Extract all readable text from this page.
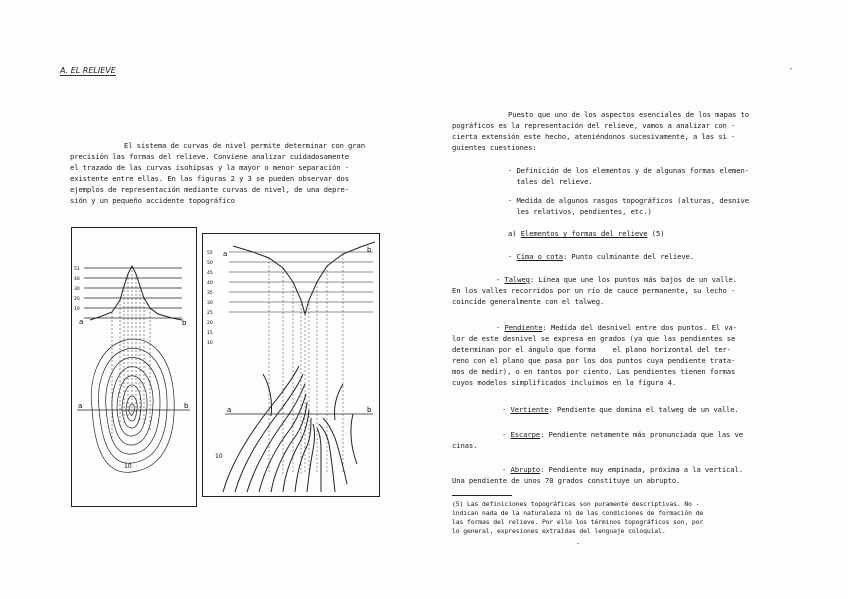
A. EL RELIEVE	-
El sistema de curvas de nivel permite determinar con gran
precisión las formas del relieve. Conviene analizar cuidadosamente
el trazado de las curvas isohipsas y la mayor o menor separación -
existente entre ellas. En las figuras 2 y 3 se pueden observar dos
ejemplos de representación mediante curvas de nivel, de una depre-
sión y un pequeño accidente topográfico
a	b
a	b
10
51
40
30
20
10
a	b
a	b
10
55
50
45
40
35
30
25
20
15
10
Puesto que uno de los aspectos esenciales de los mapas to
pográficos es la representación del relieve, vamos a analizar con -
cierta extensión este hecho, ateniéndonos sucesivamente, a las si -
guientes cuestiones:
- Definición de los elementos y de algunas formas elemen-
tales del relieve.
- Medida de algunos rasgos topográficos (alturas, desnive
les relativos, pendientes, etc.)
a) Elementos y formas del relieve (5)
- Cima o cota: Punto culminante del relieve.
- Talweg: Línea que une los puntos más bajos de un valle.
En los valles recorridos por un río de cauce permanente, su lecho -
coincide generalmente con el talweg.
- Pendiente: Medida del desnivel entre dos puntos. El va-
lor de este desnivel se expresa en grados (ya que las pendientes se
determinan por el ángulo que forma    el plano horizontal del ter-
reno con el plano que pasa por los dos puntos cuya pendiente trata-
mos de medir), o en tantos por ciento. Las pendientes tienen formas
cuyos modelos simplificados incluimos en la figura 4.
- Vertiente: Pendiente que domina el talweg de un valle.
- Escarpe: Pendiente netamente más pronunciada que las ve
cinas.
- Abrupto: Pendiente muy empinada, próxima a la vertical.
Una pendiente de unos 70 grados constituye un abrupto.
(5) Las definiciones topográficas son puramente descriptivas. No -
indican nada de la naturaleza ni de las condiciones de formación de
las formas del relieve. Por ello los términos topográficos son, por
lo general, expresiones extraídas del lenguaje coloquial.
-
